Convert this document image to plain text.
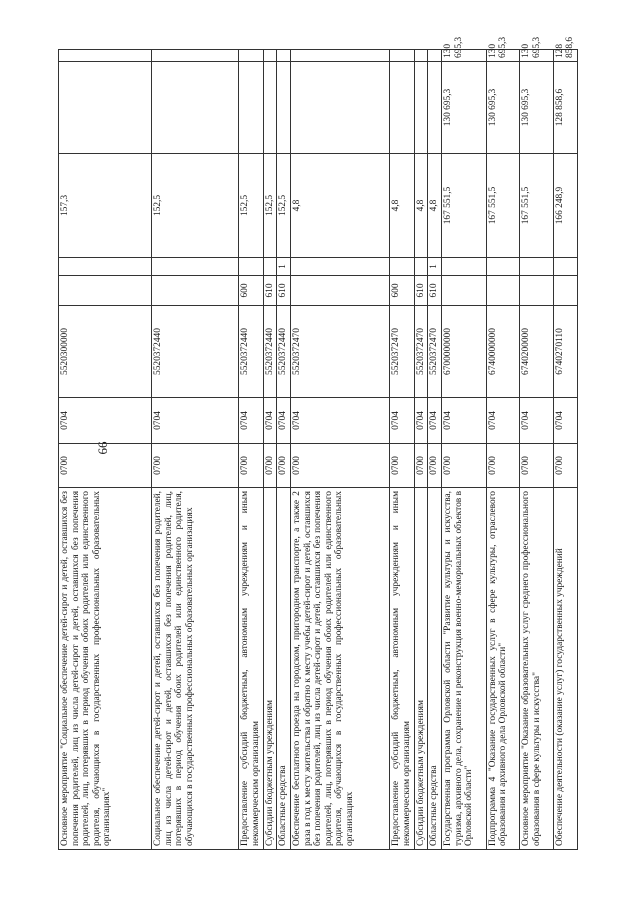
66
Основное мероприятие "Социальное обеспечение детей-сирот и детей, оставшихся без попечения родителей, лиц из числа детей-сирот и детей, оставшихся без попечения родителей, лиц, потерявших в период обучения обоих родителей или единственного родителя, обучающихся в государственных профессиональных образовательных организациях"	0700	0704	5520300000			157,3		
Социальное обеспечение детей-сирот и детей, оставшихся без попечения родителей, лиц из числа детей-сирот и детей, оставшихся без попечения родителей, лиц, потерявших в период обучения обоих родителей или единственного родителя, обучающихся в государственных профессиональных образовательных организациях	0700	0704	5520372440			152,5		
Предоставление субсидий бюджетным, автономным учреждениям и иным некоммерческим организациям	0700	0704	5520372440	600		152,5		
Субсидии бюджетным учреждениям	0700	0704	5520372440	610		152,5		
Областные средства	0700	0704	5520372440	610	1	152,5		
Обеспечение бесплатного проезда на городском, пригородном транспорте, а также 2 раза в год к месту жительства и обратно к месту учебы детей-сирот и детей, оставшихся без попечения родителей, лиц из числа детей-сирот и детей, оставшихся без попечения родителей, лиц, потерявших в период обучения обоих родителей или единственного родителя, обучающихся в государственных профессиональных образовательных организациях	0700	0704	5520372470			4,8		
Предоставление субсидий бюджетным, автономным учреждениям и иным некоммерческим организациям	0700	0704	5520372470	600		4,8		
Субсидии бюджетным учреждениям	0700	0704	5520372470	610		4,8		
Областные средства	0700	0704	5520372470	610	1	4,8		
Государственная программа Орловской области "Развитие культуры и искусства, туризма, архивного дела, сохранение и реконструкция военно-мемориальных объектов в Орловской области"	0700	0704	6700000000			167 551,5	130 695,3	130 695,3
Подпрограмма 4 "Оказание государственных услуг в сфере культуры, отраслевого образования и архивного дела Орловской области"	0700	0704	6740000000			167 551,5	130 695,3	130 695,3
Основное мероприятие "Оказание образовательных услуг среднего профессионального образования в сфере культуры и искусства"	0700	0704	6740200000			167 551,5	130 695,3	130 695,3
Обеспечение деятельности (оказание услуг) государственных учреждений	0700	0704	6740270110			166 248,9	128 858,6	128 858,6
